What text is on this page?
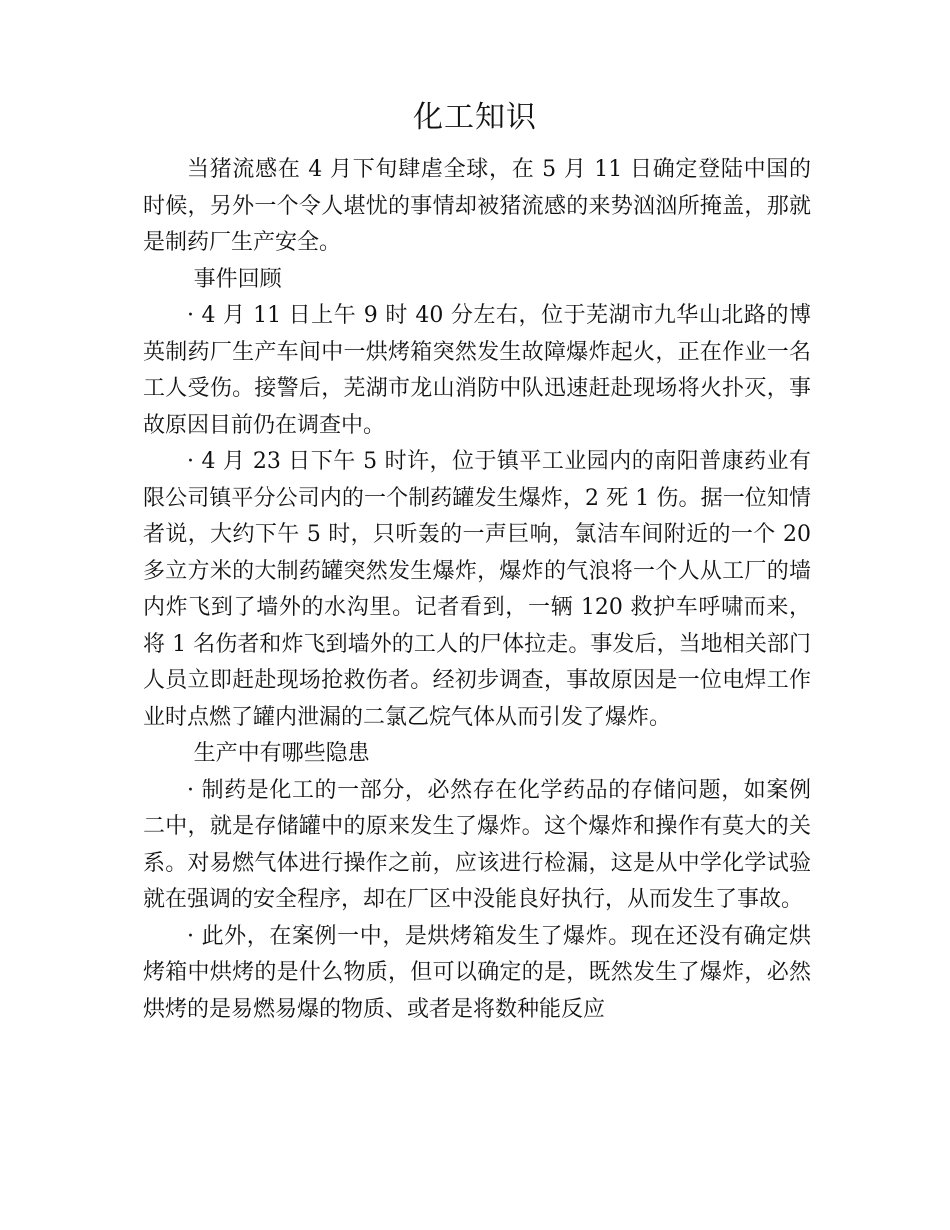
化工知识

当猪流感在 4 月下旬肆虐全球，在 5 月 11 日确定登陆中国的时候，另外一个令人堪忧的事情却被猪流感的来势汹汹所掩盖，那就是制药厂生产安全。

事件回顾

· 4 月 11 日上午 9 时 40 分左右，位于芜湖市九华山北路的博英制药厂生产车间中一烘烤箱突然发生故障爆炸起火，正在作业一名工人受伤。接警后，芜湖市龙山消防中队迅速赶赴现场将火扑灭，事故原因目前仍在调查中。

· 4 月 23 日下午 5 时许，位于镇平工业园内的南阳普康药业有限公司镇平分公司内的一个制药罐发生爆炸，2 死 1 伤。据一位知情者说，大约下午 5 时，只听轰的一声巨响，氯洁车间附近的一个 20 多立方米的大制药罐突然发生爆炸，爆炸的气浪将一个人从工厂的墙内炸飞到了墙外的水沟里。记者看到，一辆 120 救护车呼啸而来，将 1 名伤者和炸飞到墙外的工人的尸体拉走。事发后，当地相关部门人员立即赶赴现场抢救伤者。经初步调查，事故原因是一位电焊工作业时点燃了罐内泄漏的二氯乙烷气体从而引发了爆炸。

生产中有哪些隐患

· 制药是化工的一部分，必然存在化学药品的存储问题，如案例二中，就是存储罐中的原来发生了爆炸。这个爆炸和操作有莫大的关系。对易燃气体进行操作之前，应该进行检漏，这是从中学化学试验就在强调的安全程序，却在厂区中没能良好执行，从而发生了事故。

· 此外，在案例一中，是烘烤箱发生了爆炸。现在还没有确定烘烤箱中烘烤的是什么物质，但可以确定的是，既然发生了爆炸，必然烘烤的是易燃易爆的物质、或者是将数种能反应
